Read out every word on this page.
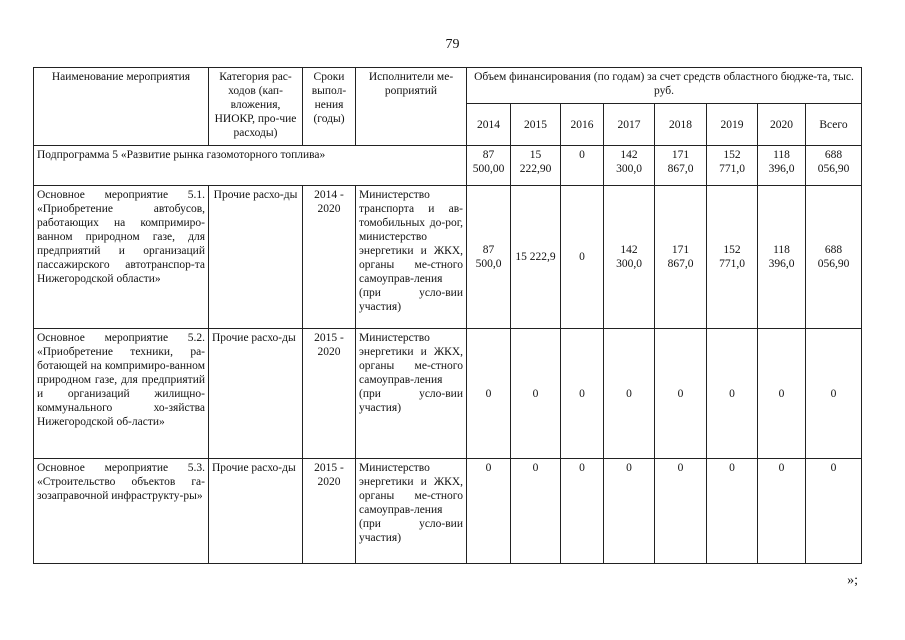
79
Наименование мероприятия	Категория рас-ходов (кап-вложения, НИОКР, про-чие расходы)	Сроки выпол-нения (годы)	Исполнители ме-роприятий	Объем финансирования (по годам) за счет средств областного бюдже-та, тыс. руб.							
				2014	2015	2016	2017	2018	2019	2020	Всего
Подпрограмма 5 «Развитие рынка газомоторного топлива»				87 500,00	15 222,90	0	142 300,0	171 867,0	152 771,0	118 396,0	688 056,90
Основное мероприятие 5.1. «Приобретение автобусов, работающих на компримиро-ванном природном газе, для предприятий и организаций пассажирского автотранспор-та Нижегородской области»	Прочие расхо-ды	2014 - 2020	Министерство транспорта и ав-томобильных до-рог, министерство энергетики и ЖКХ, органы ме-стного самоуправ-ления (при усло-вии участия)	87 500,0	15 222,9	0	142 300,0	171 867,0	152 771,0	118 396,0	688 056,90
Основное мероприятие 5.2. «Приобретение техники, ра-ботающей на компримиро-ванном природном газе, для предприятий и организаций жилищно-коммунального хо-зяйства Нижегородской об-ласти»	Прочие расхо-ды	2015 - 2020	Министерство энергетики и ЖКХ, органы ме-стного самоуправ-ления (при усло-вии участия)	0	0	0	0	0	0	0	0
Основное мероприятие 5.3. «Строительство объектов га-зозаправочной инфраструкту-ры»	Прочие расхо-ды	2015 - 2020	Министерство энергетики и ЖКХ, органы ме-стного самоуправ-ления (при усло-вии участия)	0	0	0	0	0	0	0	0
»;
